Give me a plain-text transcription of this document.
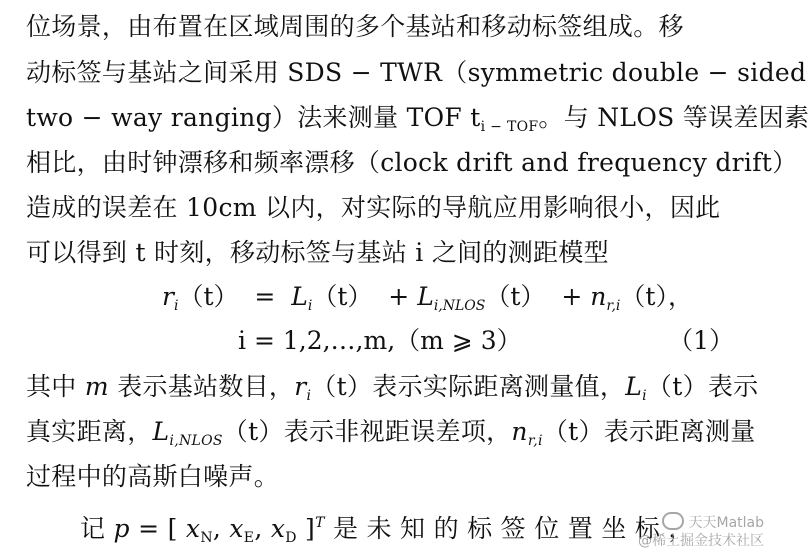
位场景，由布置在区域周围的多个基站和移动标签组成。移
动标签与基站之间采用 SDS − TWR（symmetric double − sided
two − way ranging）法来测量 TOF $t_{i - TOF}$。与 NLOS 等误差因素
相比，由时钟漂移和频率漂移（clock drift and frequency drift）
造成的误差在 10cm 以内，对实际的导航应用影响很小，因此
可以得到 t 时刻，移动标签与基站 i 之间的测距模型
$r_i(t) = L_i(t) + L_{i,NLOS}(t) + n_{r,i}(t)$，
i = 1,2,…,m,（m ⩾ 3）	（1）
其中 m 表示基站数目，$r_i(t)$表示实际距离测量值，$L_i(t)$表示
真实距离，$L_{i,NLOS}(t)$表示非视距误差项，$n_{r,i}(t)$表示距离测量
过程中的高斯白噪声。
记 p = [ $x_N$, $x_E$, $x_D$ ]$^T$ 是 未 知 的 标 签 位 置 坐 标 ，
天天Matlab
@稀土掘金技术社区
